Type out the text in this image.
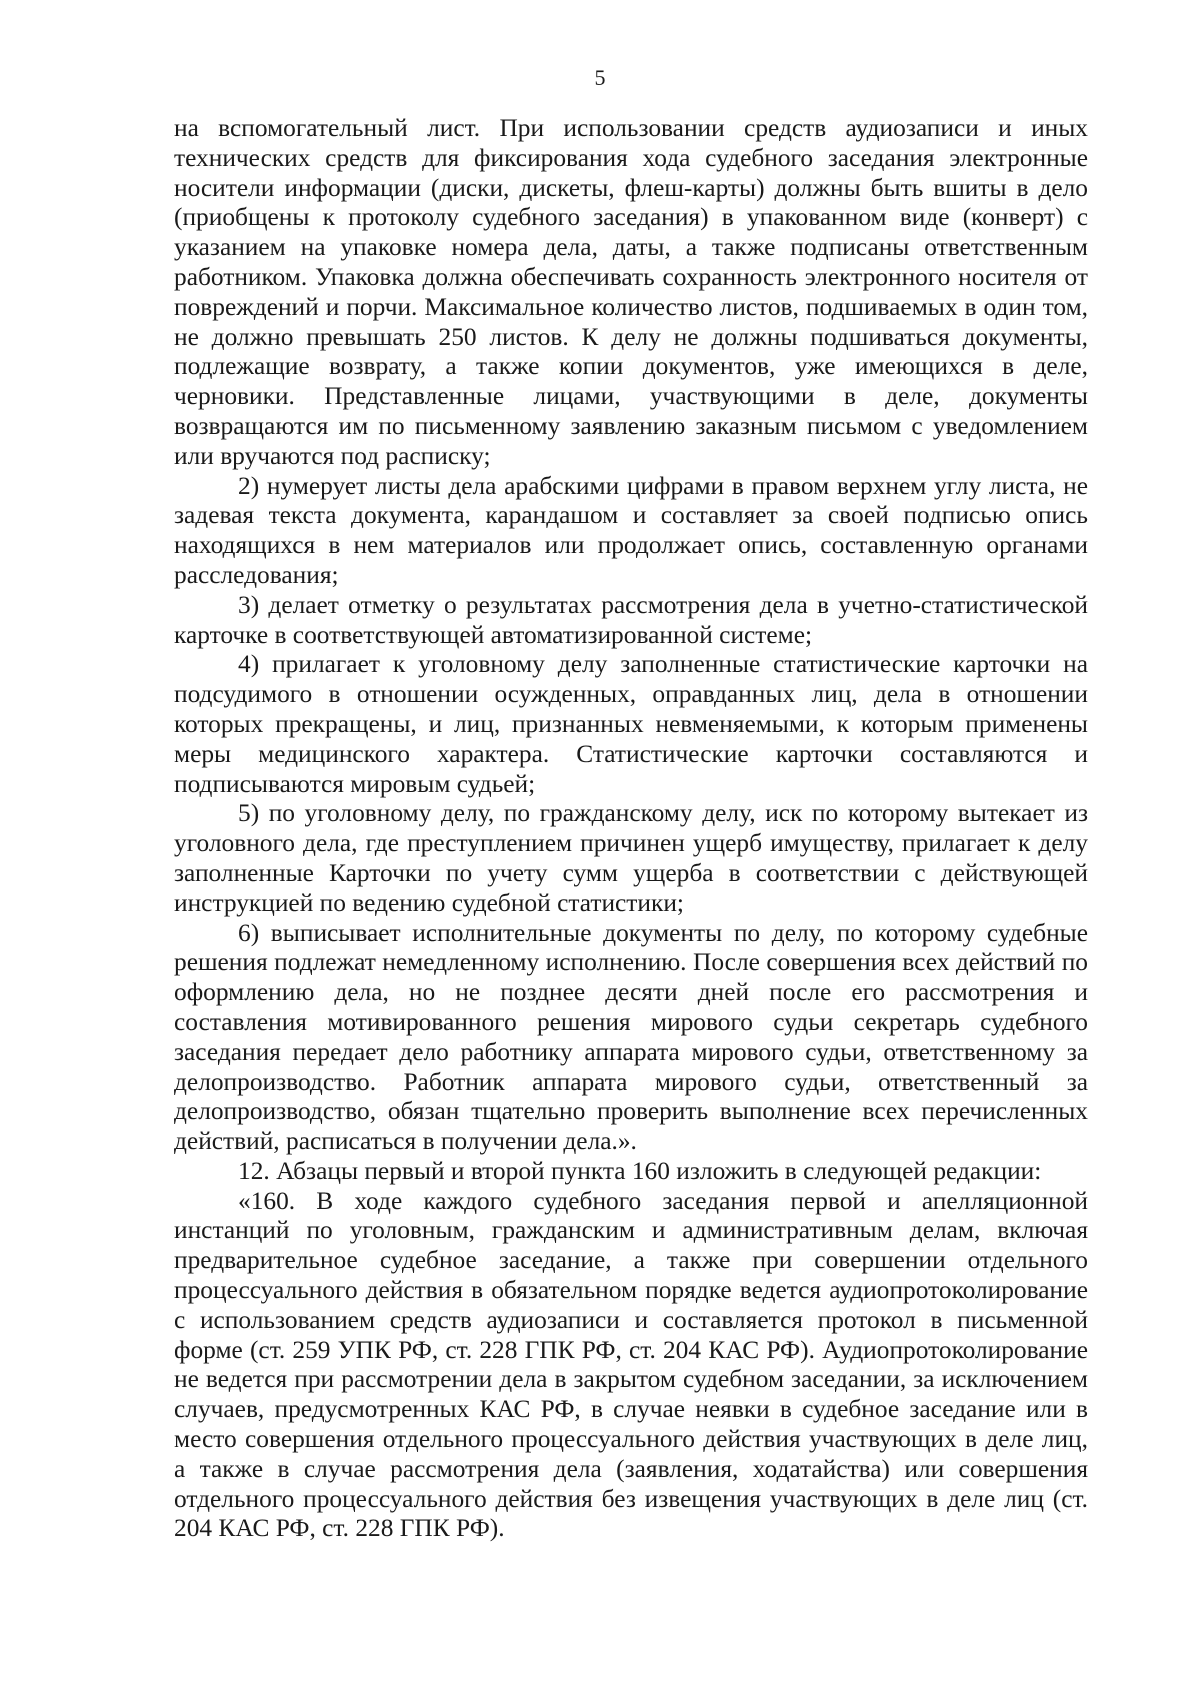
5

на вспомогательный лист. При использовании средств аудиозаписи и иных технических средств для фиксирования хода судебного заседания электронные носители информации (диски, дискеты, флеш-карты) должны быть вшиты в дело (приобщены к протоколу судебного заседания) в упакованном виде (конверт) с указанием на упаковке номера дела, даты, а также подписаны ответственным работником. Упаковка должна обеспечивать сохранность электронного носителя от повреждений и порчи. Максимальное количество листов, подшиваемых в один том, не должно превышать 250 листов. К делу не должны подшиваться документы, подлежащие возврату, а также копии документов, уже имеющихся в деле, черновики. Представленные лицами, участвующими в деле, документы возвращаются им по письменному заявлению заказным письмом с уведомлением или вручаются под расписку;

2) нумерует листы дела арабскими цифрами в правом верхнем углу листа, не задевая текста документа, карандашом и составляет за своей подписью опись находящихся в нем материалов или продолжает опись, составленную органами расследования;

3) делает отметку о результатах рассмотрения дела в учетно-статистической карточке в соответствующей автоматизированной системе;

4) прилагает к уголовному делу заполненные статистические карточки на подсудимого в отношении осужденных, оправданных лиц, дела в отношении которых прекращены, и лиц, признанных невменяемыми, к которым применены меры медицинского характера. Статистические карточки составляются и подписываются мировым судьей;

5) по уголовному делу, по гражданскому делу, иск по которому вытекает из уголовного дела, где преступлением причинен ущерб имуществу, прилагает к делу заполненные Карточки по учету сумм ущерба в соответствии с действующей инструкцией по ведению судебной статистики;

6) выписывает исполнительные документы по делу, по которому судебные решения подлежат немедленному исполнению. После совершения всех действий по оформлению дела, но не позднее десяти дней после его рассмотрения и составления мотивированного решения мирового судьи секретарь судебного заседания передает дело работнику аппарата мирового судьи, ответственному за делопроизводство. Работник аппарата мирового судьи, ответственный за делопроизводство, обязан тщательно проверить выполнение всех перечисленных действий, расписаться в получении дела.».

12. Абзацы первый и второй пункта 160 изложить в следующей редакции:

«160. В ходе каждого судебного заседания первой и апелляционной инстанций по уголовным, гражданским и административным делам, включая предварительное судебное заседание, а также при совершении отдельного процессуального действия в обязательном порядке ведется аудиопротоколирование с использованием средств аудиозаписи и составляется протокол в письменной форме (ст. 259 УПК РФ, ст. 228 ГПК РФ, ст. 204 КАС РФ). Аудиопротоколирование не ведется при рассмотрении дела в закрытом судебном заседании, за исключением случаев, предусмотренных КАС РФ, в случае неявки в судебное заседание или в место совершения отдельного процессуального действия участвующих в деле лиц, а также в случае рассмотрения дела (заявления, ходатайства) или совершения отдельного процессуального действия без извещения участвующих в деле лиц (ст. 204 КАС РФ, ст. 228 ГПК РФ).
